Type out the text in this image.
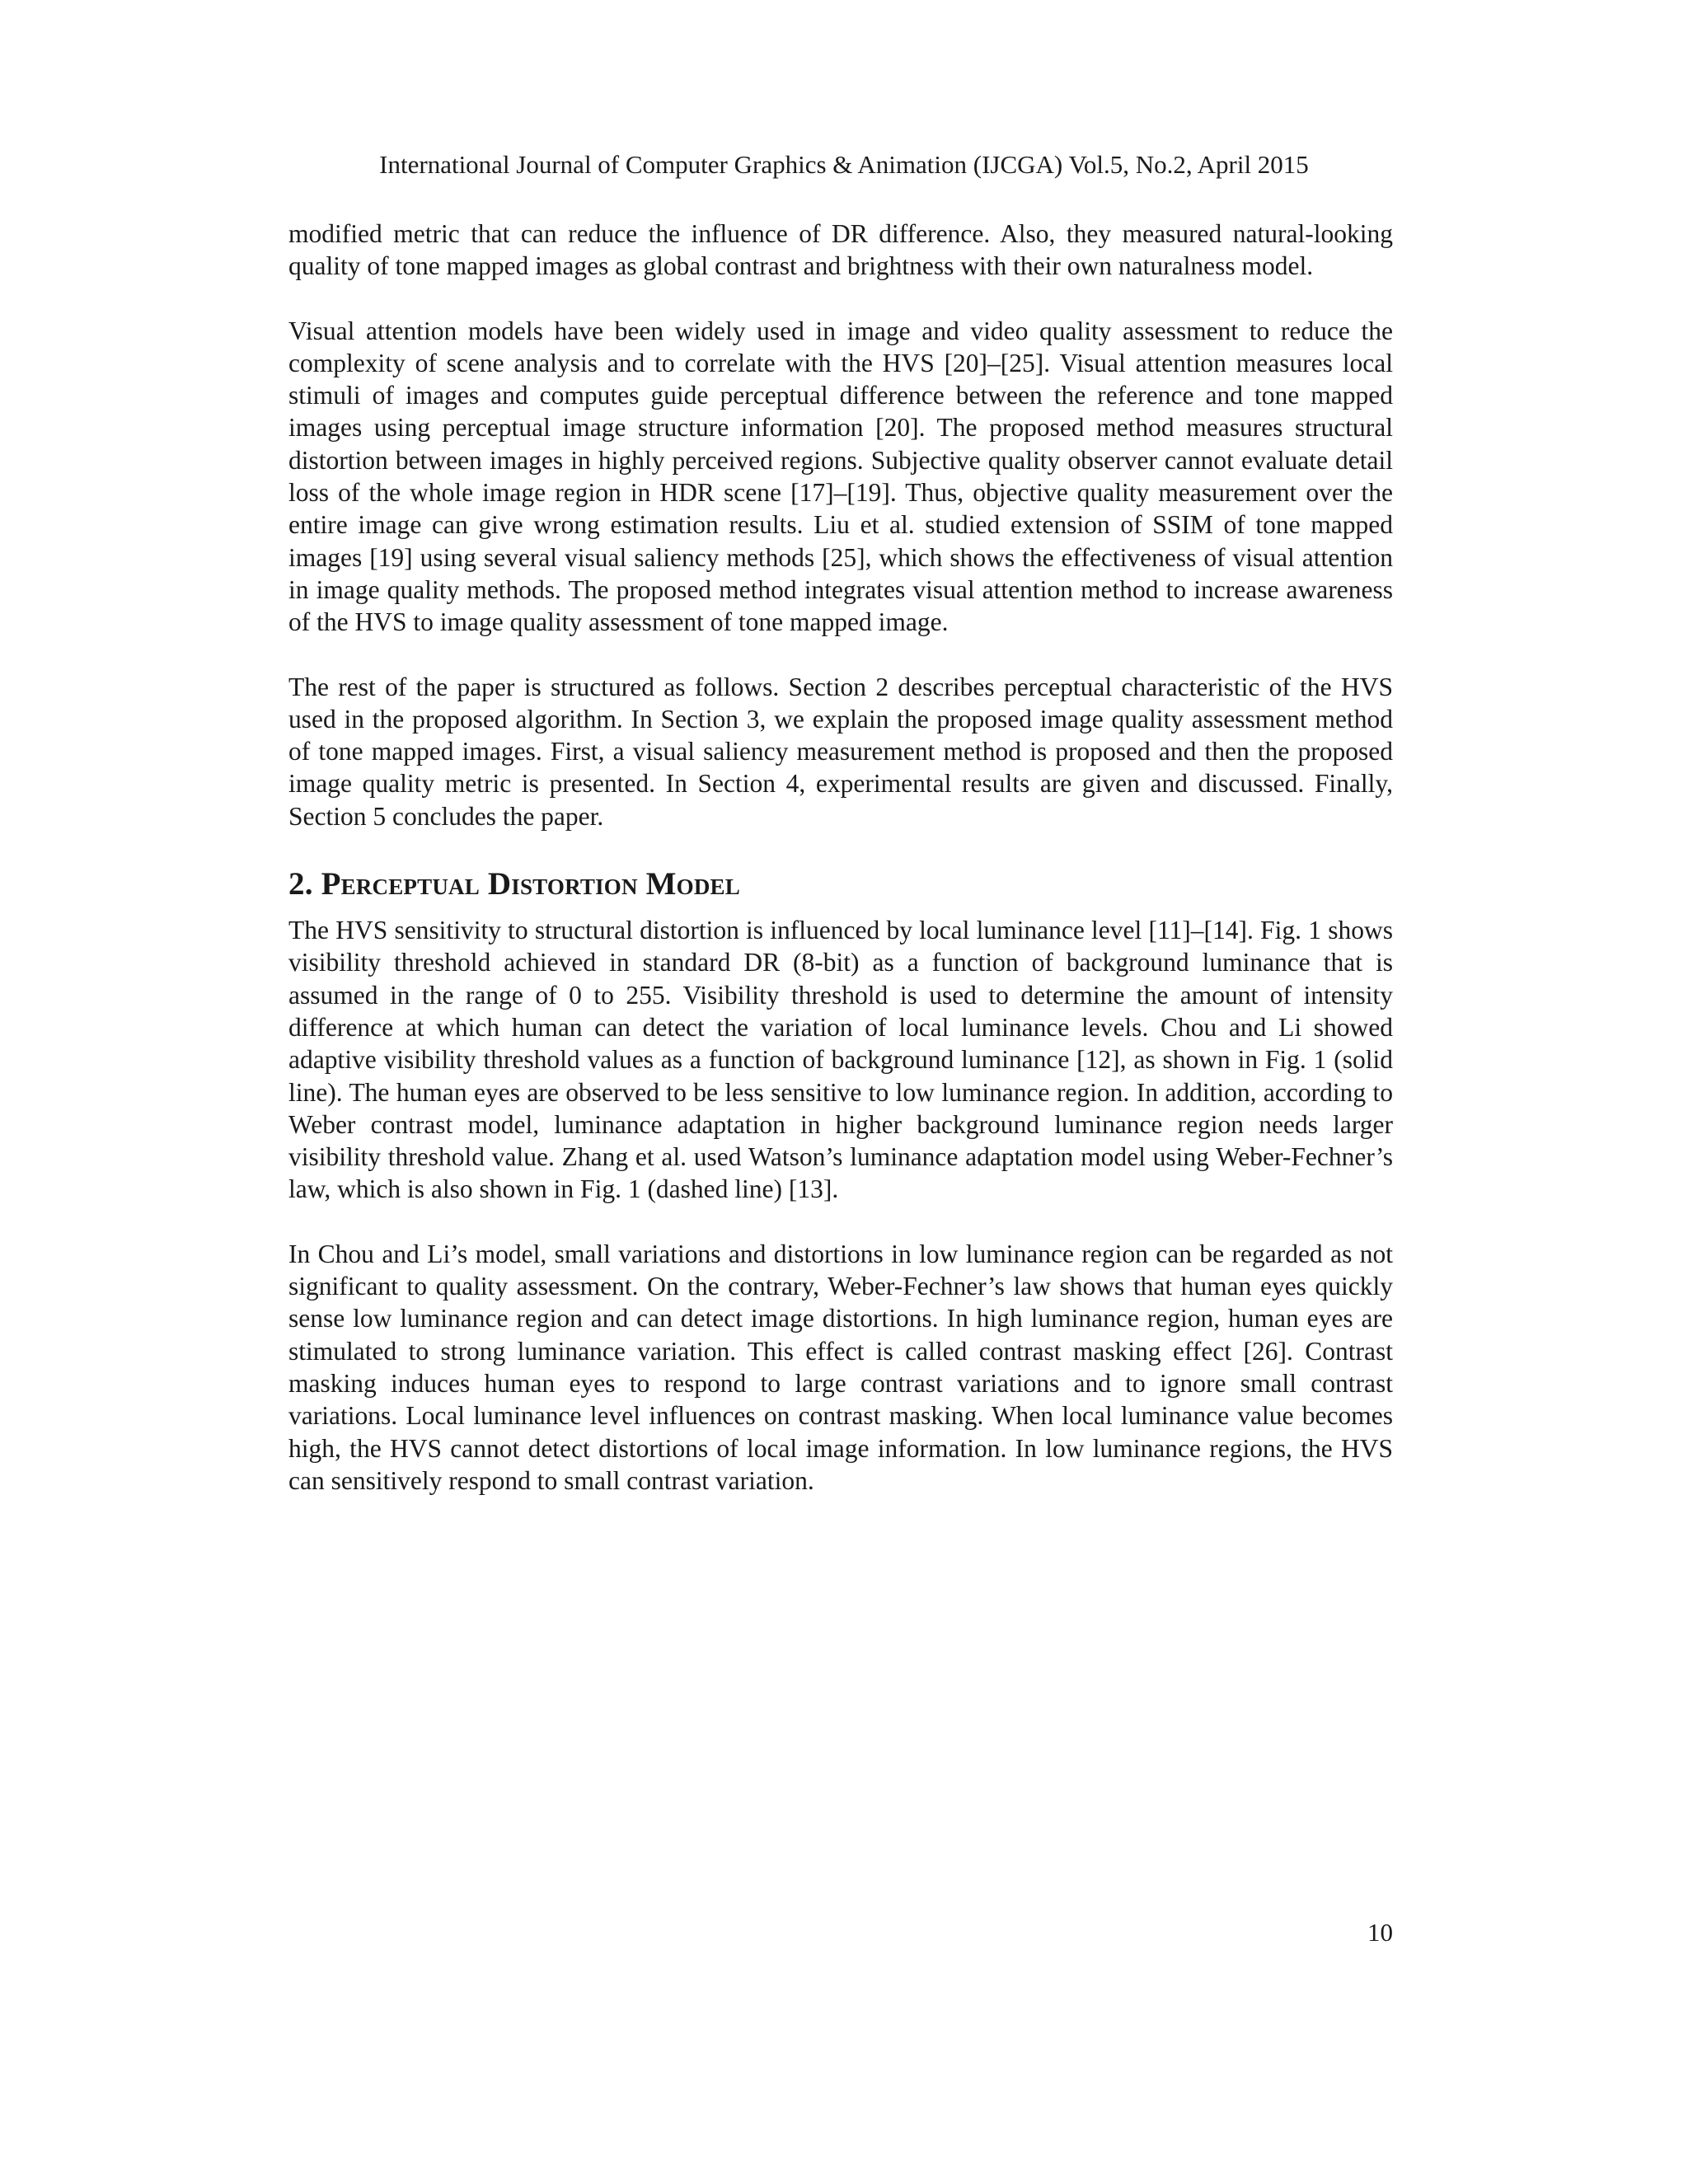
International Journal of Computer Graphics & Animation (IJCGA) Vol.5, No.2, April 2015

modified metric that can reduce the influence of DR difference. Also, they measured natural-looking quality of tone mapped images as global contrast and brightness with their own naturalness model.

Visual attention models have been widely used in image and video quality assessment to reduce the complexity of scene analysis and to correlate with the HVS [20]–[25]. Visual attention measures local stimuli of images and computes guide perceptual difference between the reference and tone mapped images using perceptual image structure information [20]. The proposed method measures structural distortion between images in highly perceived regions. Subjective quality observer cannot evaluate detail loss of the whole image region in HDR scene [17]–[19]. Thus, objective quality measurement over the entire image can give wrong estimation results. Liu et al. studied extension of SSIM of tone mapped images [19] using several visual saliency methods [25], which shows the effectiveness of visual attention in image quality methods. The proposed method integrates visual attention method to increase awareness of the HVS to image quality assessment of tone mapped image.

The rest of the paper is structured as follows. Section 2 describes perceptual characteristic of the HVS used in the proposed algorithm. In Section 3, we explain the proposed image quality assessment method of tone mapped images. First, a visual saliency measurement method is proposed and then the proposed image quality metric is presented. In Section 4, experimental results are given and discussed. Finally, Section 5 concludes the paper.

2. Perceptual Distortion Model

The HVS sensitivity to structural distortion is influenced by local luminance level [11]–[14]. Fig. 1 shows visibility threshold achieved in standard DR (8-bit) as a function of background luminance that is assumed in the range of 0 to 255. Visibility threshold is used to determine the amount of intensity difference at which human can detect the variation of local luminance levels. Chou and Li showed adaptive visibility threshold values as a function of background luminance [12], as shown in Fig. 1 (solid line). The human eyes are observed to be less sensitive to low luminance region. In addition, according to Weber contrast model, luminance adaptation in higher background luminance region needs larger visibility threshold value. Zhang et al. used Watson’s luminance adaptation model using Weber-Fechner’s law, which is also shown in Fig. 1 (dashed line) [13].

In Chou and Li’s model, small variations and distortions in low luminance region can be regarded as not significant to quality assessment. On the contrary, Weber-Fechner’s law shows that human eyes quickly sense low luminance region and can detect image distortions. In high luminance region, human eyes are stimulated to strong luminance variation. This effect is called contrast masking effect [26]. Contrast masking induces human eyes to respond to large contrast variations and to ignore small contrast variations. Local luminance level influences on contrast masking. When local luminance value becomes high, the HVS cannot detect distortions of local image information. In low luminance regions, the HVS can sensitively respond to small contrast variation.

10
